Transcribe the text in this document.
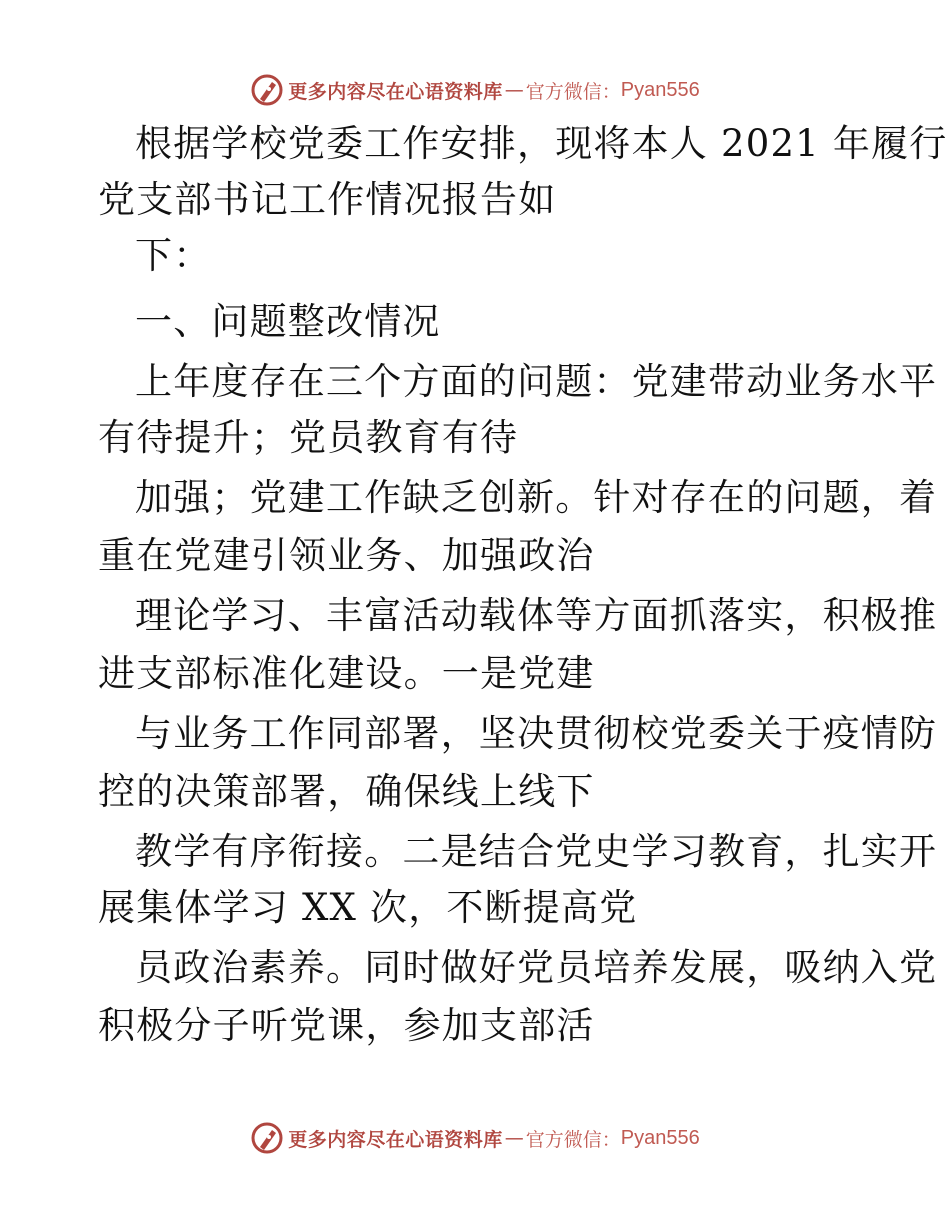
更多内容尽在心语资料库 — 官方微信： Pyan556
根据学校党委工作安排，现将本人 2021 年履行
党支部书记工作情况报告如
下：
一、问题整改情况
上年度存在三个方面的问题：党建带动业务水平
有待提升；党员教育有待
加强；党建工作缺乏创新。针对存在的问题，着
重在党建引领业务、加强政治
理论学习、丰富活动载体等方面抓落实，积极推
进支部标准化建设。一是党建
与业务工作同部署，坚决贯彻校党委关于疫情防
控的决策部署，确保线上线下
教学有序衔接。二是结合党史学习教育，扎实开
展集体学习 XX 次，不断提高党
员政治素养。同时做好党员培养发展，吸纳入党
积极分子听党课，参加支部活
更多内容尽在心语资料库 — 官方微信： Pyan556
